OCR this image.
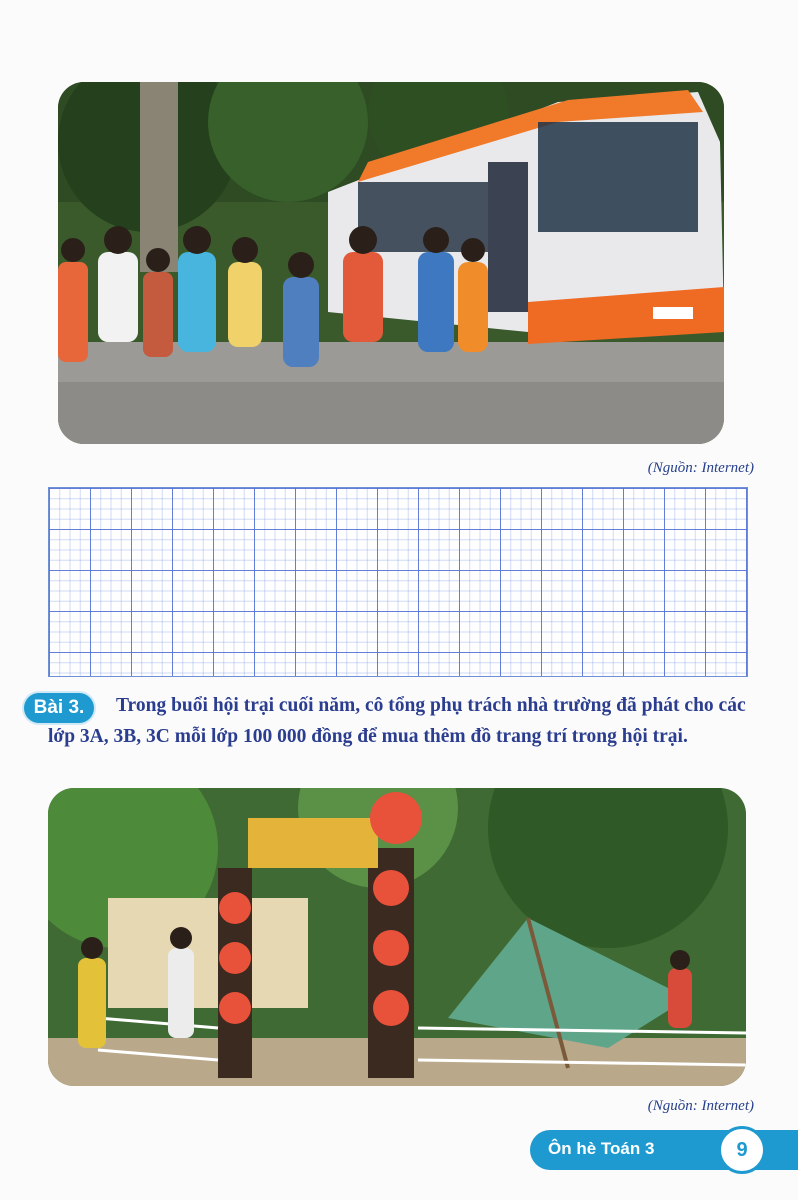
(Nguồn: Internet)
Bài 3.	Trong buổi hội trại cuối năm, cô tổng phụ trách nhà trường đã phát cho các lớp 3A, 3B, 3C mỗi lớp 100 000 đồng để mua thêm đồ trang trí trong hội trại.

(Nguồn: Internet)
Ôn hè Toán 3	9
